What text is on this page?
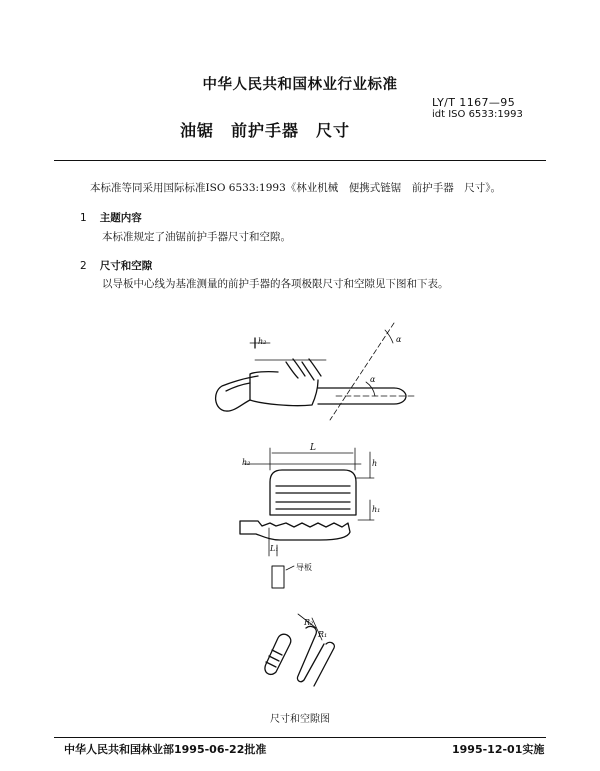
中华人民共和国林业行业标准
LY/T 1167—95
idt ISO 6533:1993
油锯　前护手器　尺寸
本标准等同采用国际标准ISO 6533:1993《林业机械　便携式链锯　前护手器　尺寸》。
1 主题内容
本标准规定了油锯前护手器尺寸和空隙。
2 尺寸和空隙
以导板中心线为基准测量的前护手器的各项极限尺寸和空隙见下图和下表。
h₂	α
α
L
h₂	h
h₁
L₁
导板
R₂
R₁
尺寸和空隙图
中华人民共和国林业部1995-06-22批准	1995-12-01实施
